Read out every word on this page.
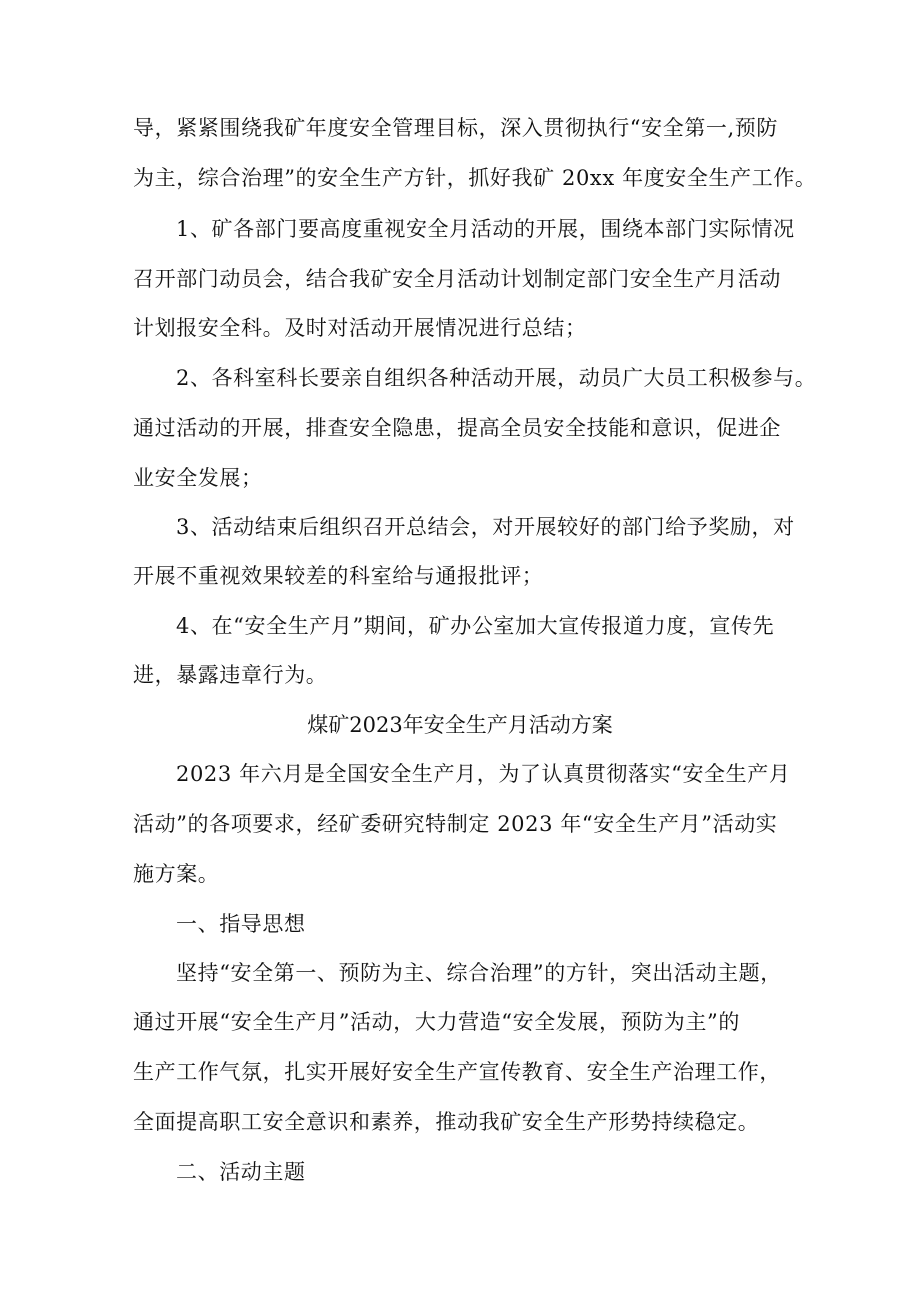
导，紧紧围绕我矿年度安全管理目标，深入贯彻执行“安全第一,预防
为主，综合治理”的安全生产方针，抓好我矿 20xx 年度安全生产工作。
1、矿各部门要高度重视安全月活动的开展，围绕本部门实际情况
召开部门动员会，结合我矿安全月活动计划制定部门安全生产月活动
计划报安全科。及时对活动开展情况进行总结；
2、各科室科长要亲自组织各种活动开展，动员广大员工积极参与。
通过活动的开展，排查安全隐患，提高全员安全技能和意识，促进企
业安全发展；
3、活动结束后组织召开总结会，对开展较好的部门给予奖励，对
开展不重视效果较差的科室给与通报批评；
4、在“安全生产月”期间，矿办公室加大宣传报道力度，宣传先
进，暴露违章行为。
煤矿2023年安全生产月活动方案
2023 年六月是全国安全生产月，为了认真贯彻落实“安全生产月
活动”的各项要求，经矿委研究特制定 2023 年“安全生产月”活动实
施方案。
一、指导思想
坚持“安全第一、预防为主、综合治理”的方针，突出活动主题，
通过开展“安全生产月”活动，大力营造“安全发展，预防为主”的
生产工作气氛，扎实开展好安全生产宣传教育、安全生产治理工作，
全面提高职工安全意识和素养，推动我矿安全生产形势持续稳定。
二、活动主题
